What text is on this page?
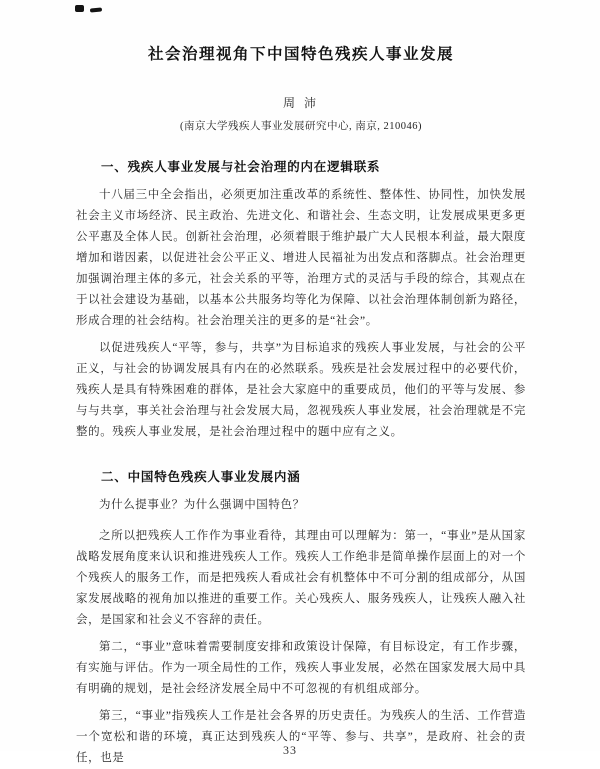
社会治理视角下中国特色残疾人事业发展
周 沛
(南京大学残疾人事业发展研究中心, 南京, 210046)
一、残疾人事业发展与社会治理的内在逻辑联系

十八届三中全会指出，必须更加注重改革的系统性、整体性、协同性，加快发展社会主义市场经济、民主政治、先进文化、和谐社会、生态文明，让发展成果更多更公平惠及全体人民。创新社会治理，必须着眼于维护最广大人民根本利益，最大限度增加和谐因素，以促进社会公平正义、增进人民福祉为出发点和落脚点。社会治理更加强调治理主体的多元，社会关系的平等，治理方式的灵活与手段的综合，其观点在于以社会建设为基础，以基本公共服务均等化为保障、以社会治理体制创新为路径，形成合理的社会结构。社会治理关注的更多的是“社会”。

以促进残疾人“平等，参与，共享”为目标追求的残疾人事业发展，与社会的公平正义，与社会的协调发展具有内在的必然联系。残疾是社会发展过程中的必要代价，残疾人是具有特殊困难的群体，是社会大家庭中的重要成员，他们的平等与发展、参与与共享，事关社会治理与社会发展大局，忽视残疾人事业发展，社会治理就是不完整的。残疾人事业发展，是社会治理过程中的题中应有之义。

二、中国特色残疾人事业发展内涵

为什么提事业？为什么强调中国特色？

之所以把残疾人工作作为事业看待，其理由可以理解为：第一，“事业”是从国家战略发展角度来认识和推进残疾人工作。残疾人工作绝非是简单操作层面上的对一个个残疾人的服务工作，而是把残疾人看成社会有机整体中不可分割的组成部分，从国家发展战略的视角加以推进的重要工作。关心残疾人、服务残疾人，让残疾人融入社会，是国家和社会义不容辞的责任。

第二，“事业”意味着需要制度安排和政策设计保障，有目标设定，有工作步骤，有实施与评估。作为一项全局性的工作，残疾人事业发展，必然在国家发展大局中具有明确的规划，是社会经济发展全局中不可忽视的有机组成部分。

第三，“事业”指残疾人工作是社会各界的历史责任。为残疾人的生活、工作营造一个宽松和谐的环境，真正达到残疾人的“平等、参与、共享”，是政府、社会的责任，也是

33
